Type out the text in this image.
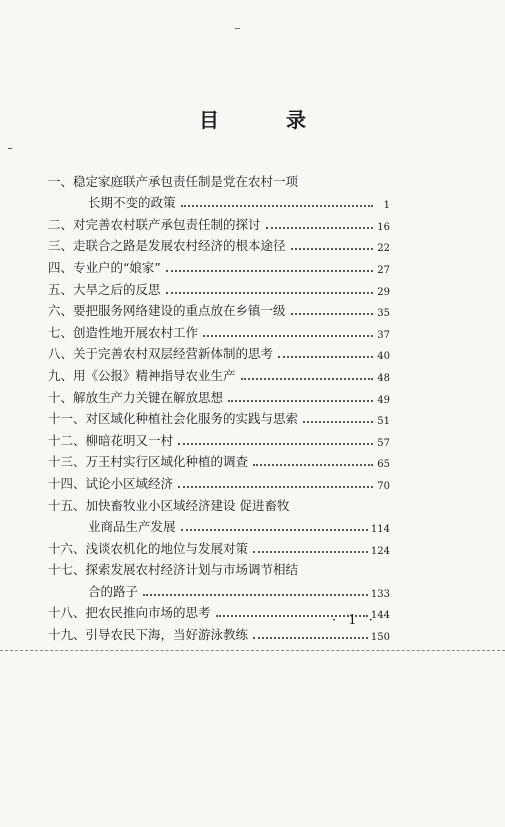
目 录
一、 稳定家庭联产承包责任制是党在农村一项
长期不变的政策	1
二、 对完善农村联产承包责任制的探讨	16
三、 走联合之路是发展农村经济的根本途径	22
四、 专业户的“娘家”	27
五、 大旱之后的反思	29
六、 要把服务网络建设的重点放在乡镇一级	35
七、 创造性地开展农村工作	37
八、 关于完善农村双层经营新体制的思考	40
九、 用《公报》精神指导农业生产	48
十、 解放生产力关键在解放思想	49
十一、 对区域化种植社会化服务的实践与思索	51
十二、 柳暗花明又一村	57
十三、 万王村实行区域化种植的调查	65
十四、 试论小区域经济	70
十五、 加快畜牧业小区域经济建设 促进畜牧
业商品生产发展	114
十六、 浅谈农机化的地位与发展对策	124
十七、 探索发展农村经济计划与市场调节相结
合的路子	133
十八、 把农民推向市场的思考	144
十九、 引导农民下海，当好游泳教练	150
· 1 ·
